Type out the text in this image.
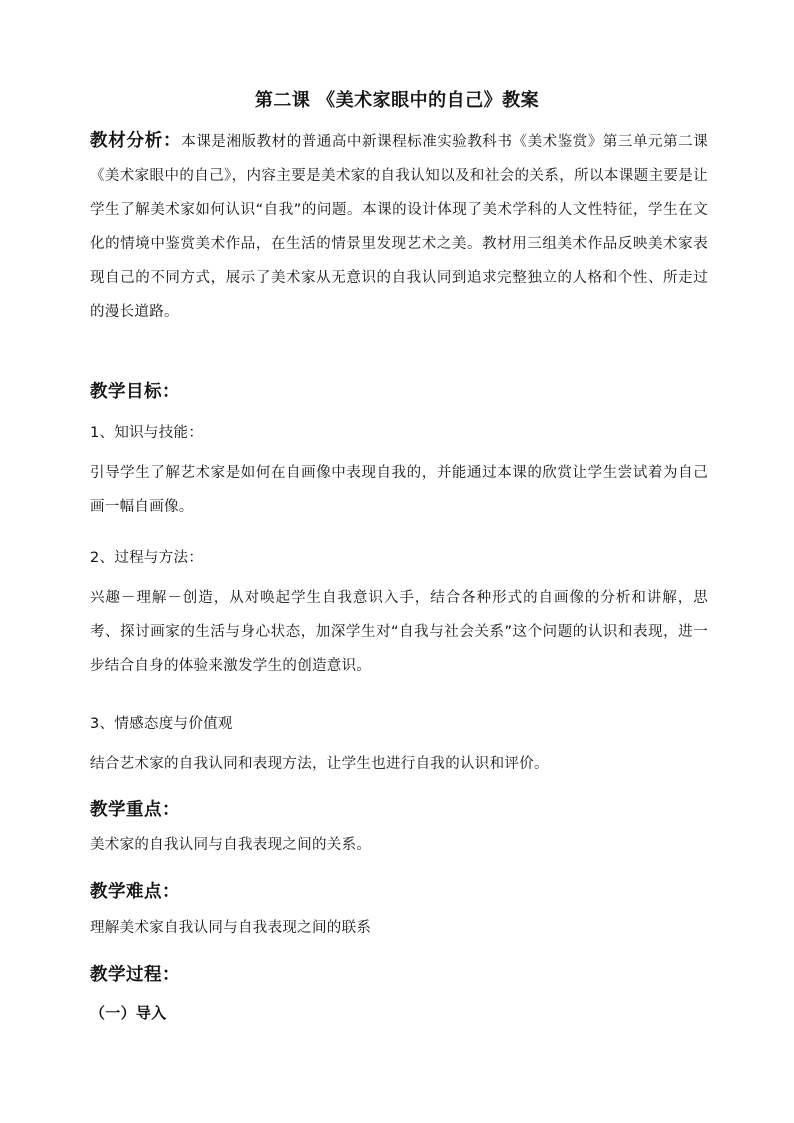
第二课 《美术家眼中的自己》教案
教材分析：本课是湘版教材的普通高中新课程标准实验教科书《美术鉴赏》第三单元第二课《美术家眼中的自己》，内容主要是美术家的自我认知以及和社会的关系，所以本课题主要是让学生了解美术家如何认识“自我”的问题。本课的设计体现了美术学科的人文性特征，学生在文化的情境中鉴赏美术作品，在生活的情景里发现艺术之美。教材用三组美术作品反映美术家表现自己的不同方式，展示了美术家从无意识的自我认同到追求完整独立的人格和个性、所走过的漫长道路。
教学目标：
1、知识与技能：
引导学生了解艺术家是如何在自画像中表现自我的，并能通过本课的欣赏让学生尝试着为自己画一幅自画像。
2、过程与方法：
兴趣－理解－创造，从对唤起学生自我意识入手，结合各种形式的自画像的分析和讲解，思考、探讨画家的生活与身心状态，加深学生对“自我与社会关系”这个问题的认识和表现，进一步结合自身的体验来激发学生的创造意识。
3、情感态度与价值观
结合艺术家的自我认同和表现方法，让学生也进行自我的认识和评价。
教学重点：
美术家的自我认同与自我表现之间的关系。
教学难点：
理解美术家自我认同与自我表现之间的联系
教学过程：
（一）导入
